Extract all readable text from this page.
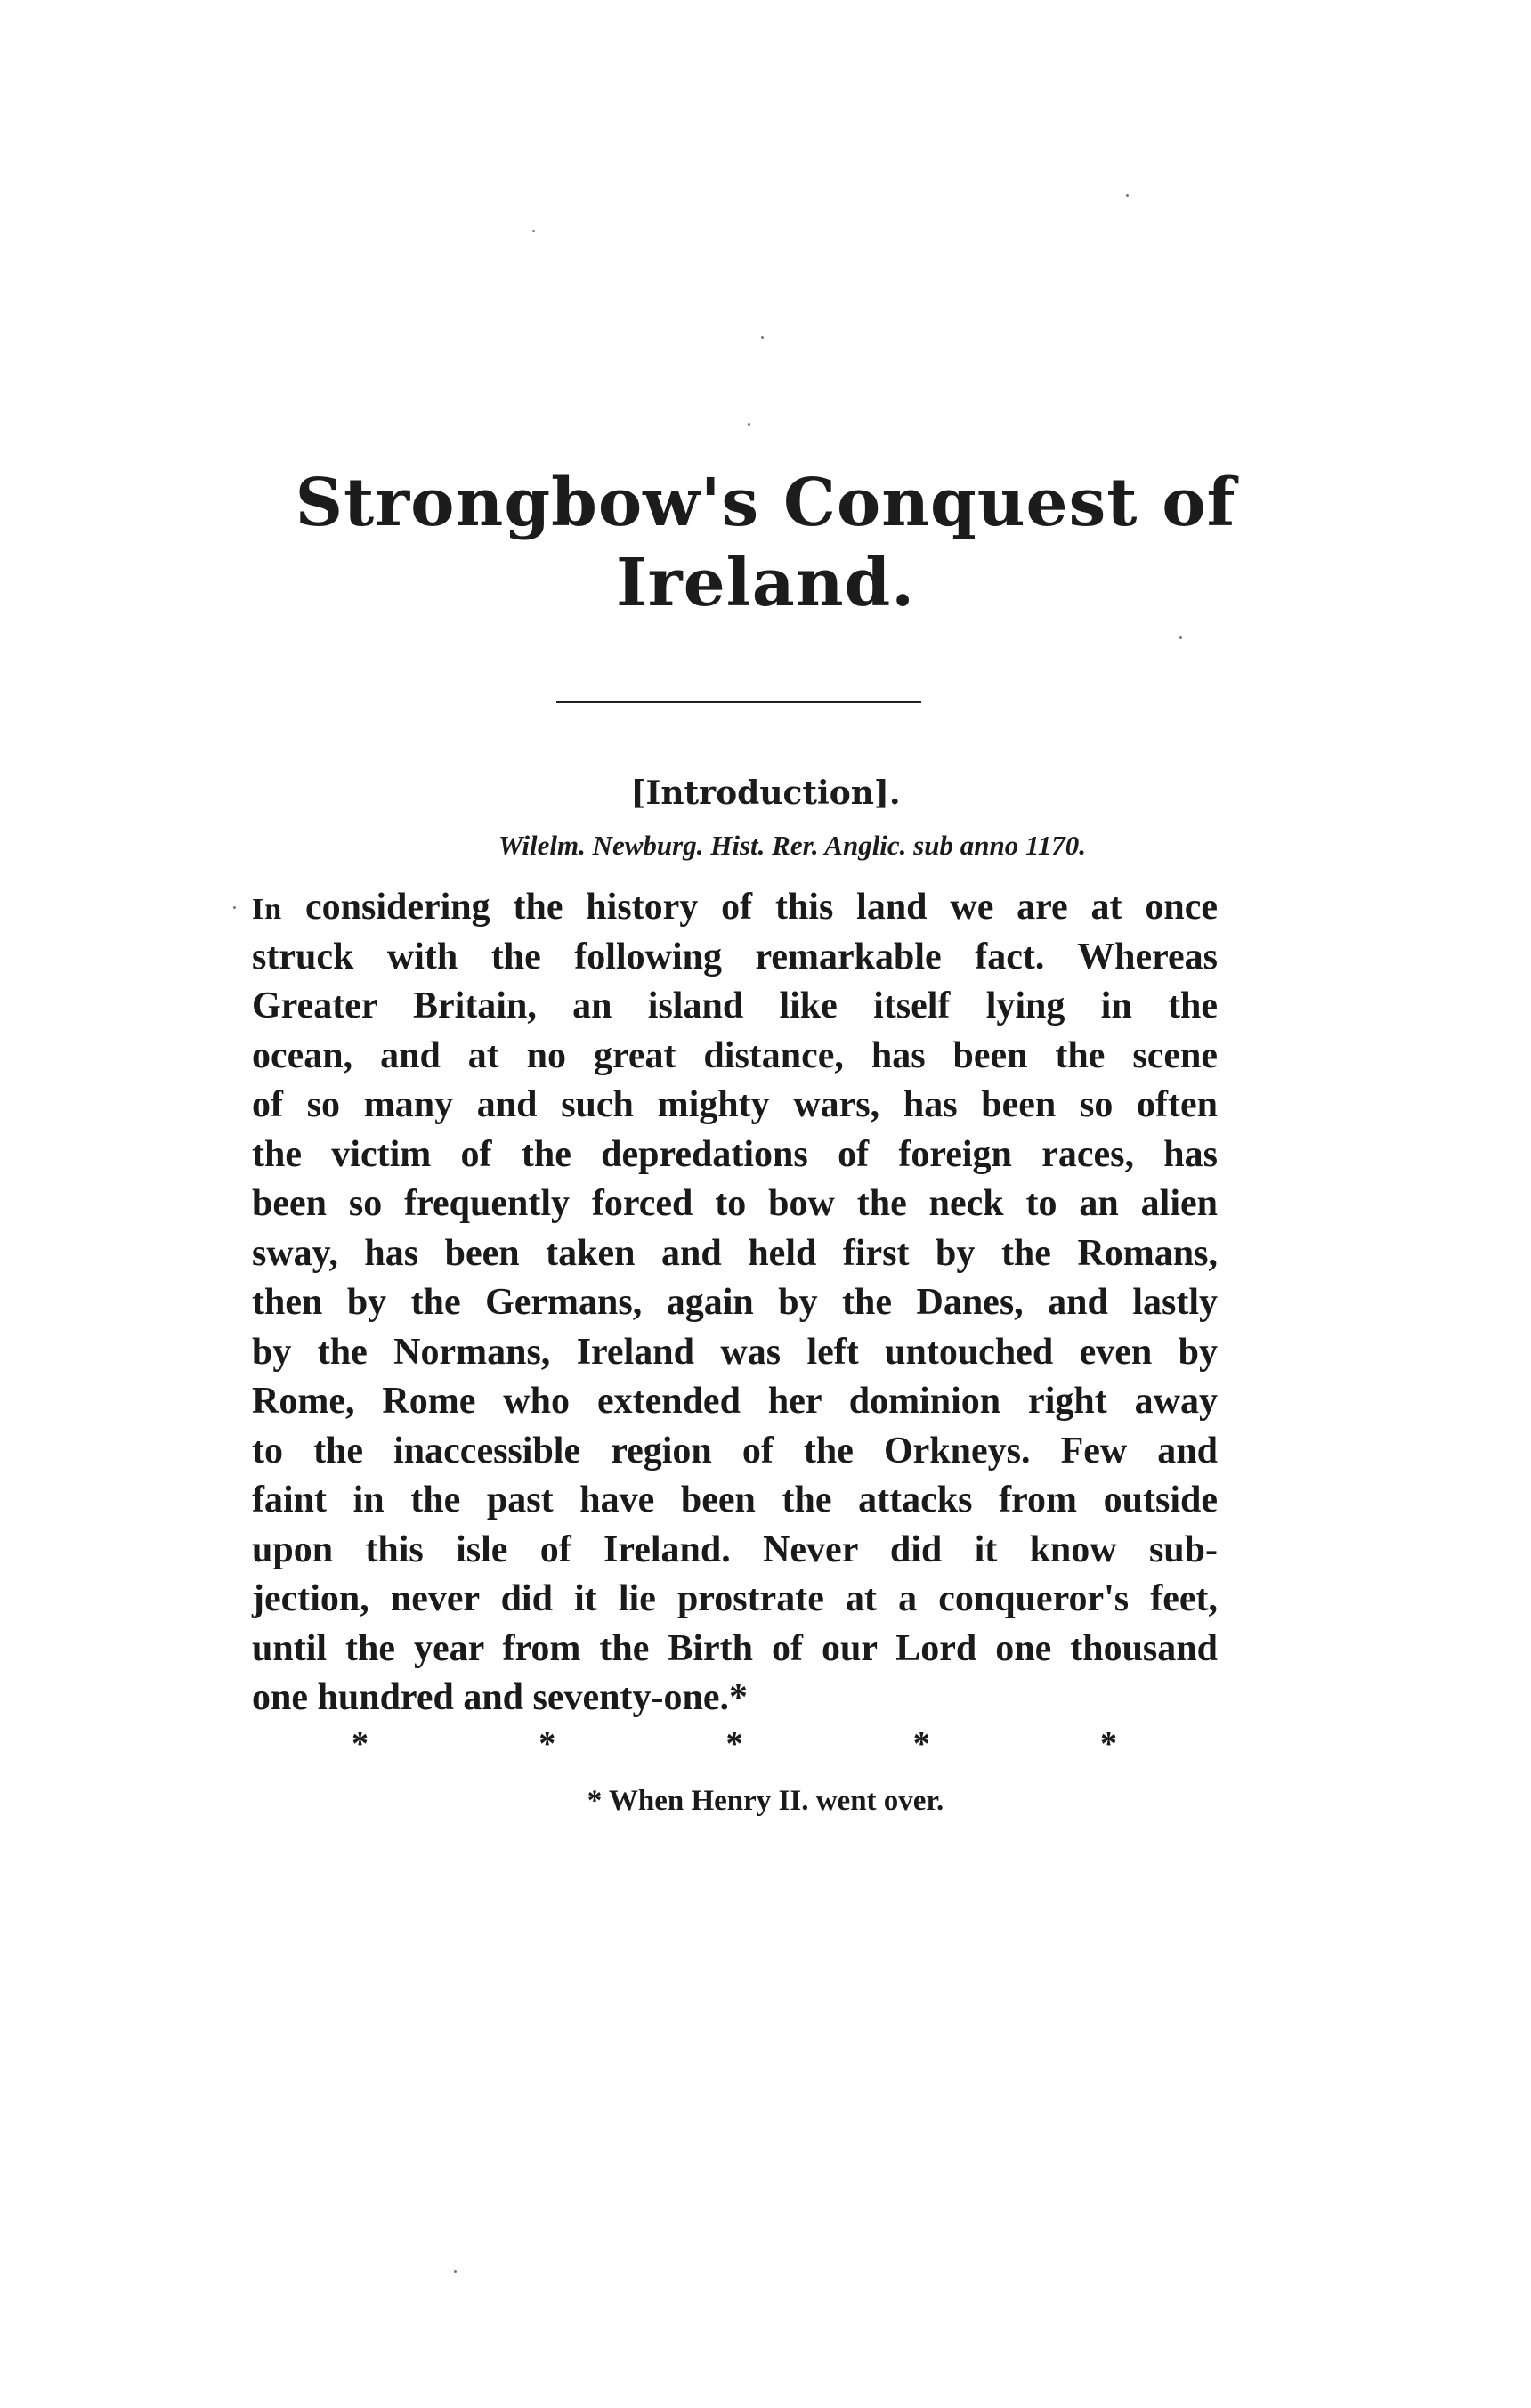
Strongbow's Conquest of
Ireland.
[Introduction].
Wilelm. Newburg. Hist. Rer. Anglic. sub anno 1170.
In considering the history of this land we are at once
struck with the following remarkable fact. Whereas
Greater Britain, an island like itself lying in the
ocean, and at no great distance, has been the scene
of so many and such mighty wars, has been so often
the victim of the depredations of foreign races, has
been so frequently forced to bow the neck to an alien
sway, has been taken and held first by the Romans,
then by the Germans, again by the Danes, and lastly
by the Normans, Ireland was left untouched even by
Rome, Rome who extended her dominion right away
to the inaccessible region of the Orkneys. Few and
faint in the past have been the attacks from outside
upon this isle of Ireland. Never did it know sub-
jection, never did it lie prostrate at a conqueror's feet,
until the year from the Birth of our Lord one thousand
one hundred and seventy-one.*
*	*	*	*	*
* When Henry II. went over.
